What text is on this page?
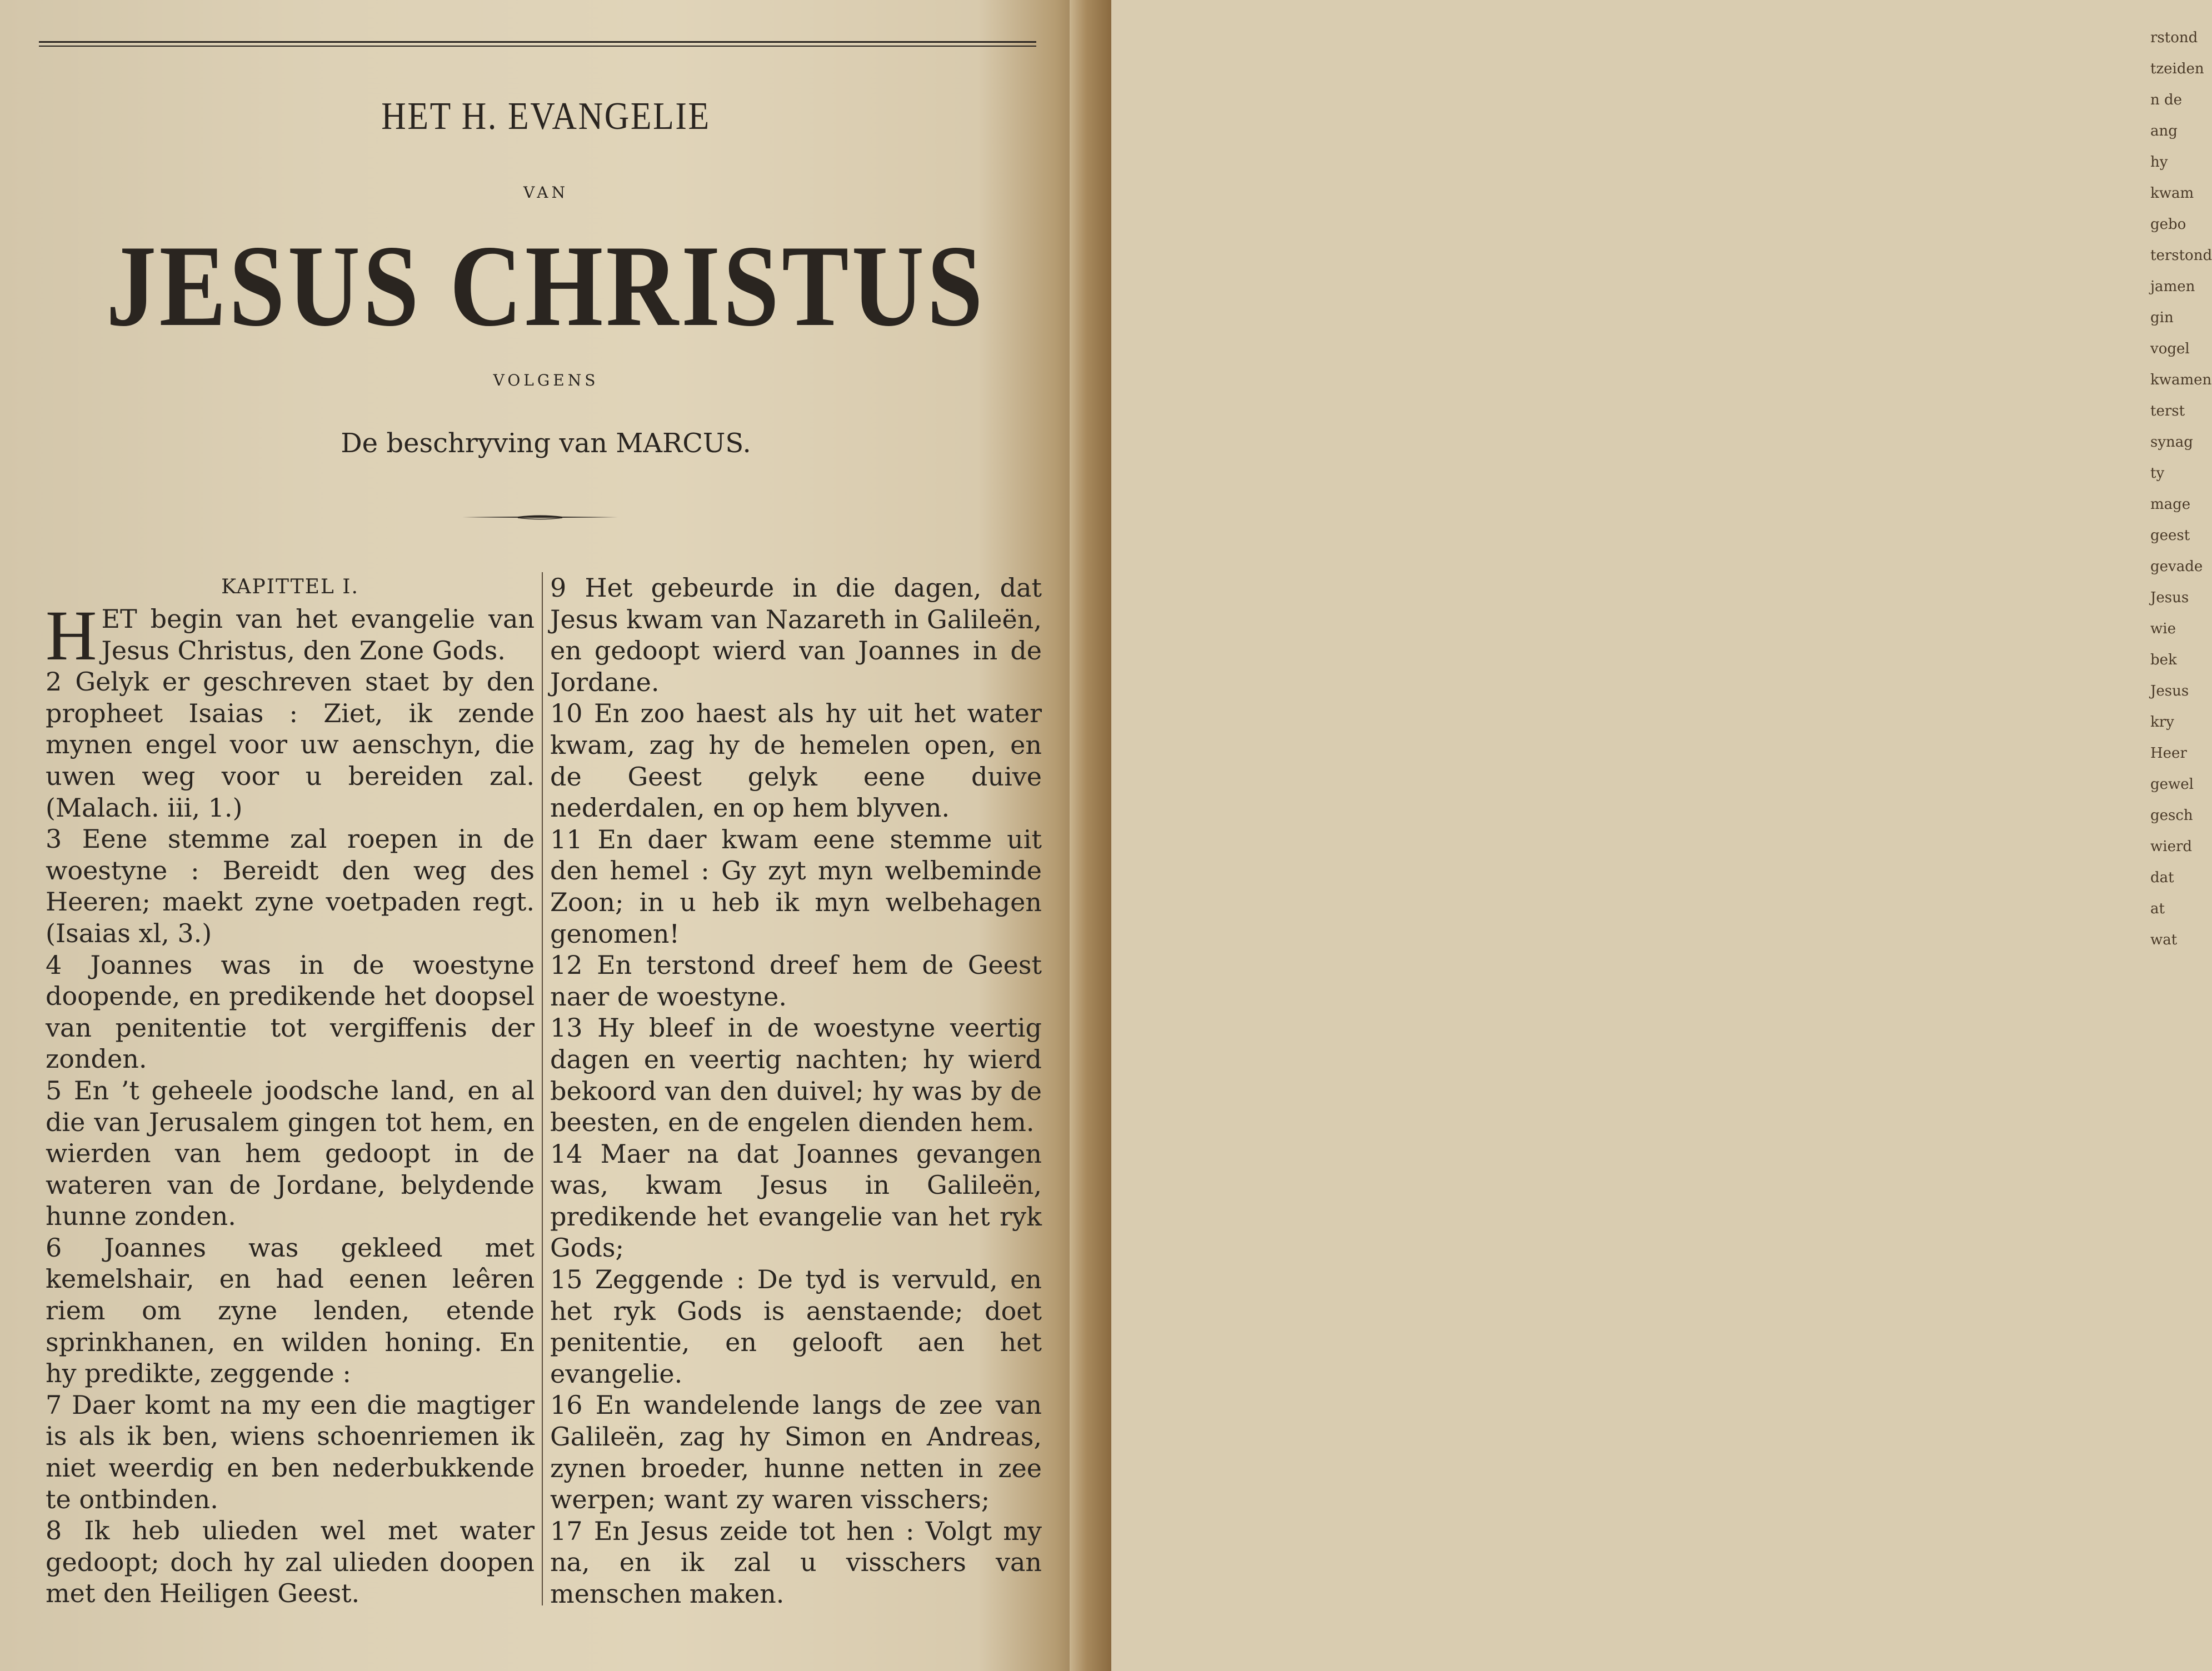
rstond
tzeiden
n de
ang
hy
kwam
gebo
terstond
jamen
gin
vogel
kwamen
terst
synag
ty
mage
geest
gevade
Jesus
wie
bek
Jesus
kry
Heer
gewel
gesch
wierd
dat
at
wat
HET H. EVANGELIE
VAN
JESUS CHRISTUS
VOLGENS
De beschryving van MARCUS.

KAPITTEL I.

H ET begin van het evangelie van Jesus Christus, den Zone Gods.

2 Gelyk er geschreven staet by den propheet Isaias : Ziet, ik zende mynen engel voor uw aenschyn, die uwen weg voor u bereiden zal. (Malach. iii, 1.)

3 Eene stemme zal roepen in de woestyne : Bereidt den weg des Heeren; maekt zyne voetpaden regt. (Isaias xl, 3.)

4 Joannes was in de woestyne doopende, en predikende het doopsel van penitentie tot vergiffenis der zonden.

5 En ’t geheele joodsche land, en al die van Jerusalem gingen tot hem, en wierden van hem gedoopt in de wateren van de Jordane, belydende hunne zonden.

6 Joannes was gekleed met kemelshair, en had eenen leêren riem om zyne lenden, etende sprinkhanen, en wilden honing. En hy predikte, zeggende :

7 Daer komt na my een die magtiger is als ik ben, wiens schoenriemen ik niet weerdig en ben nederbukkende te ontbinden.

8 Ik heb ulieden wel met water gedoopt; doch hy zal ulieden doopen met den Heiligen Geest.

9 Het gebeurde in die dagen, dat Jesus kwam van Nazareth in Galileën, en gedoopt wierd van Joannes in de Jordane.

10 En zoo haest als hy uit het water kwam, zag hy de hemelen open, en de Geest gelyk eene duive nederdalen, en op hem blyven.

11 En daer kwam eene stemme uit den hemel : Gy zyt myn welbeminde Zoon; in u heb ik myn welbehagen genomen!

12 En terstond dreef hem de Geest naer de woestyne.

13 Hy bleef in de woestyne veertig dagen en veertig nachten; hy wierd bekoord van den duivel; hy was by de beesten, en de engelen dienden hem.

14 Maer na dat Joannes gevangen was, kwam Jesus in Galileën, predikende het evangelie van het ryk Gods;

15 Zeggende : De tyd is vervuld, en het ryk Gods is aenstaende; doet penitentie, en gelooft aen het evangelie.

16 En wandelende langs de zee van Galileën, zag hy Simon en Andreas, zynen broeder, hunne netten in zee werpen; want zy waren visschers;

17 En Jesus zeide tot hen : Volgt my na, en ik zal u visschers van menschen maken.
